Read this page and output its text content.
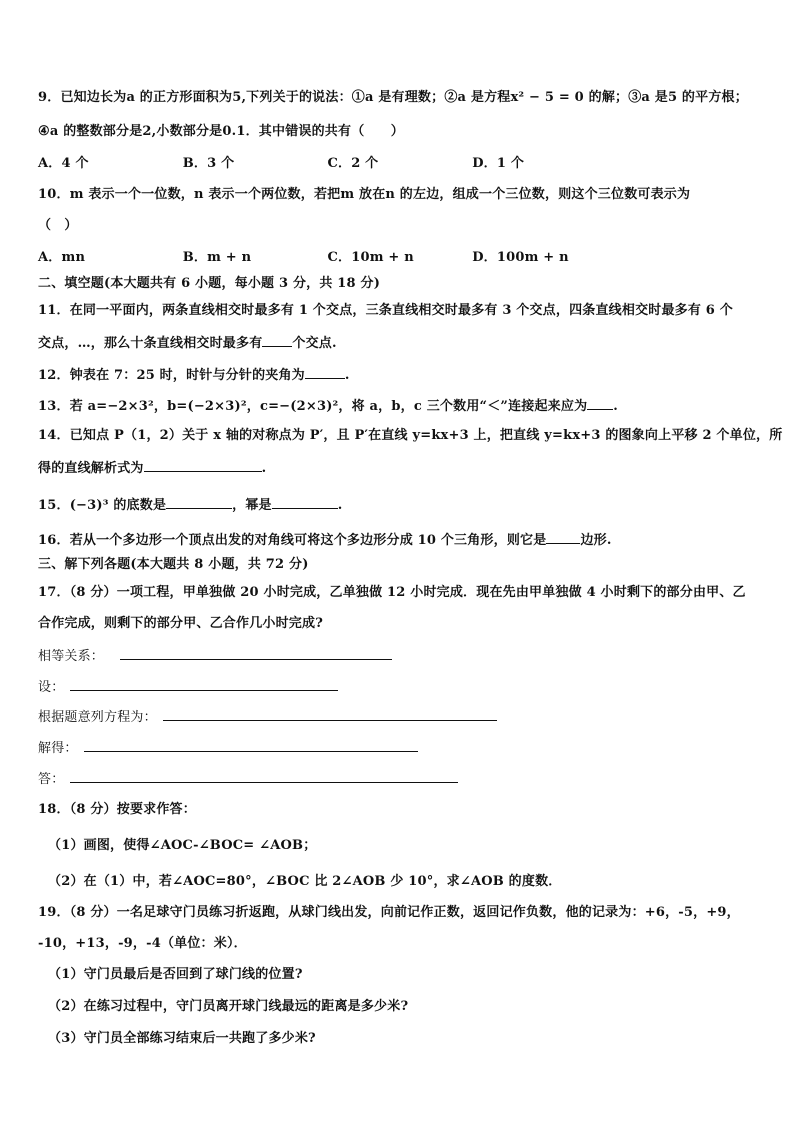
9．已知边长为a 的正方形面积为5,下列关于的说法：①a 是有理数；②a 是方程x² − 5 = 0 的解；③a 是5 的平方根；
④a 的整数部分是2,小数部分是0.1．其中错误的共有（　　）
A．4 个	B．3 个	C．2 个	D．1 个
10．m 表示一个一位数，n 表示一个两位数，若把m 放在n 的左边，组成一个三位数，则这个三位数可表示为
（　）
A．mn	B．m + n	C．10m + n	D．100m + n
二、填空题(本大题共有 6 小题，每小题 3 分，共 18 分)
11．在同一平面内，两条直线相交时最多有 1 个交点，三条直线相交时最多有 3 个交点，四条直线相交时最多有 6 个
交点，…，那么十条直线相交时最多有 个交点.
12．钟表在 7：25 时，时针与分针的夹角为	.
13．若 a=−2×3²，b=(−2×3)²，c=−(2×3)²，将 a，b，c 三个数用“＜”连接起来应为 .
14．已知点 P（1，2）关于 x 轴的对称点为 P′，且 P′在直线 y=kx+3 上，把直线 y=kx+3 的图象向上平移 2 个单位，所
得的直线解析式为	.
15．(−3)³ 的底数是	，幂是	.
16．若从一个多边形一个顶点出发的对角线可将这个多边形分成 10 个三角形，则它是	边形.
三、解下列各题(本大题共 8 小题，共 72 分)
17．（8 分）一项工程，甲单独做 20 小时完成，乙单独做 12 小时完成．现在先由甲单独做 4 小时剩下的部分由甲、乙
合作完成，则剩下的部分甲、乙合作几小时完成?
相等关系：
设：
根据题意列方程为：
解得：
答：
18．（8 分）按要求作答：
（1）画图，使得∠AOC-∠BOC= ∠AOB；
（2）在（1）中，若∠AOC=80°，∠BOC 比 2∠AOB 少 10°，求∠AOB 的度数．
19．（8 分）一名足球守门员练习折返跑，从球门线出发，向前记作正数，返回记作负数，他的记录为：+6，-5，+9，
-10，+13，-9，-4（单位：米）．
（1）守门员最后是否回到了球门线的位置?
（2）在练习过程中，守门员离开球门线最远的距离是多少米?
（3）守门员全部练习结束后一共跑了多少米?
